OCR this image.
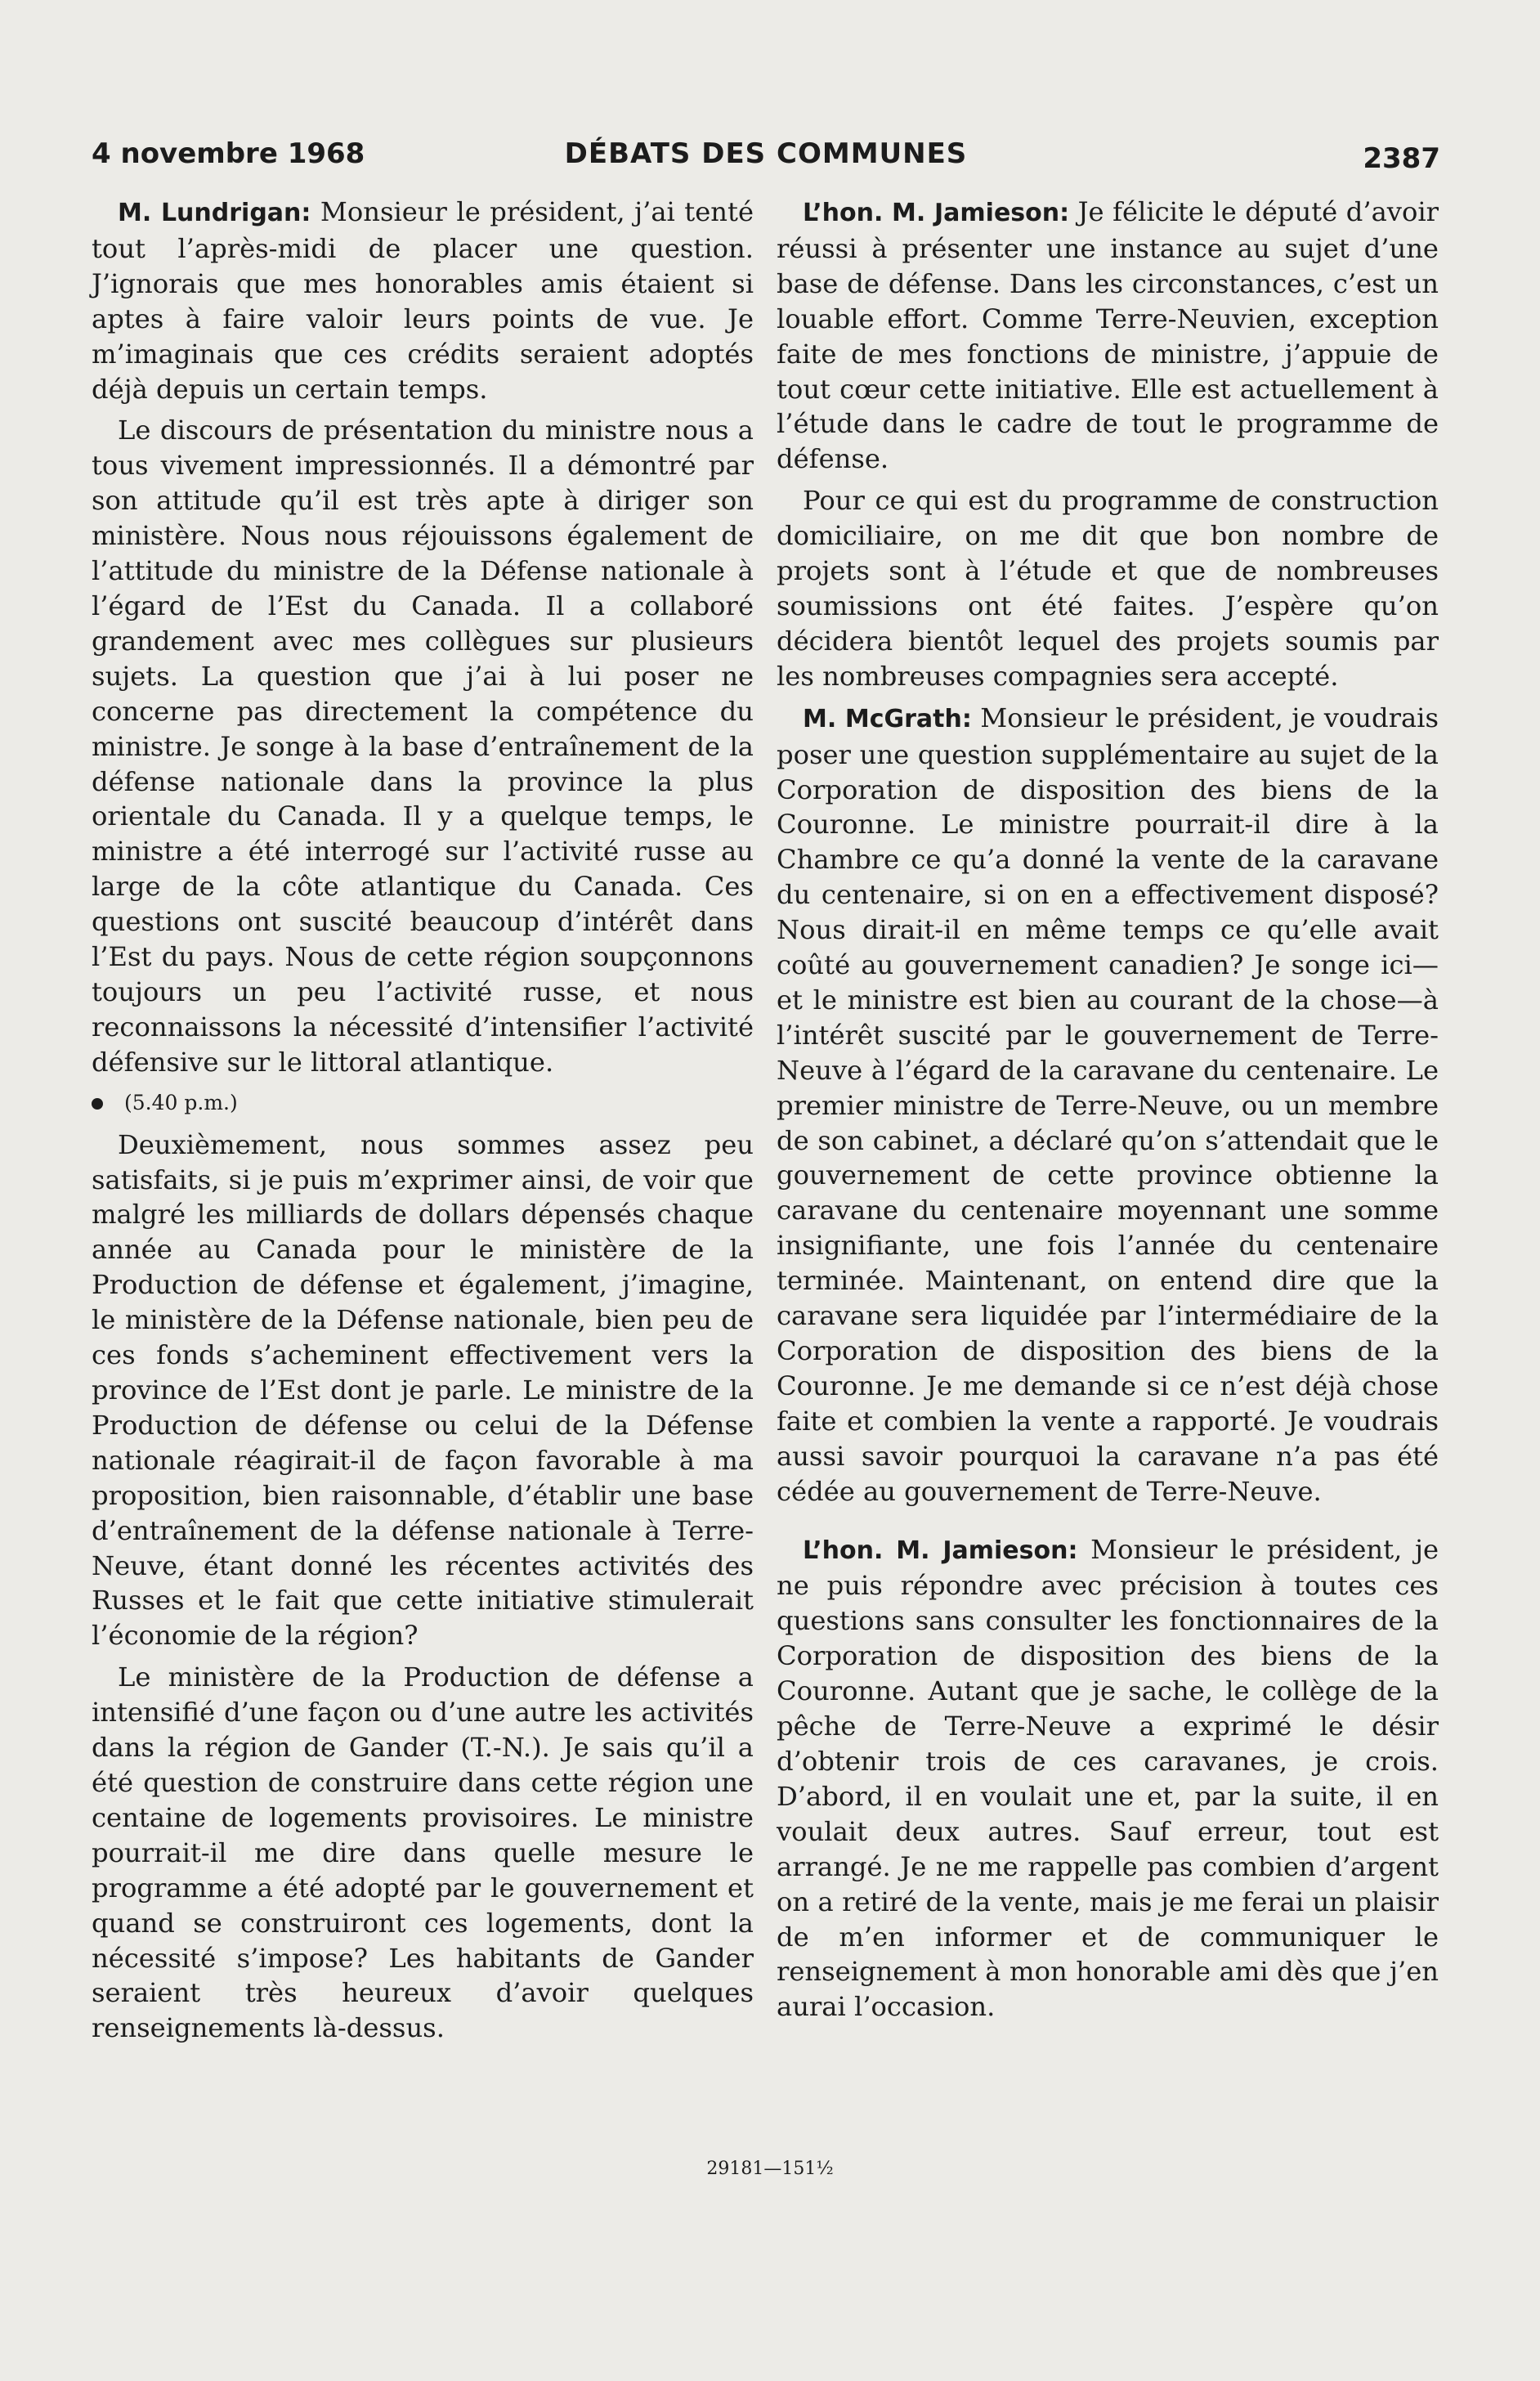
4 novembre 1968	DÉBATS DES COMMUNES	2387

M. Lundrigan: Monsieur le président, j’ai tenté tout l’après-midi de placer une question. J’ignorais que mes honorables amis étaient si aptes à faire valoir leurs points de vue. Je m’imaginais que ces crédits seraient adoptés déjà depuis un certain temps.

Le discours de présentation du ministre nous a tous vivement impressionnés. Il a démontré par son attitude qu’il est très apte à diriger son ministère. Nous nous réjouissons également de l’attitude du ministre de la Défense nationale à l’égard de l’Est du Canada. Il a collaboré grandement avec mes collègues sur plusieurs sujets. La question que j’ai à lui poser ne concerne pas directement la compétence du ministre. Je songe à la base d’entraînement de la défense nationale dans la province la plus orientale du Canada. Il y a quelque temps, le ministre a été interrogé sur l’activité russe au large de la côte atlantique du Canada. Ces questions ont suscité beaucoup d’intérêt dans l’Est du pays. Nous de cette région soupçonnons toujours un peu l’activité russe, et nous reconnaissons la nécessité d’intensifier l’activité défensive sur le littoral atlantique.

(5.40 p.m.)

Deuxièmement, nous sommes assez peu satisfaits, si je puis m’exprimer ainsi, de voir que malgré les milliards de dollars dépensés chaque année au Canada pour le ministère de la Production de défense et également, j’imagine, le ministère de la Défense nationale, bien peu de ces fonds s’acheminent effectivement vers la province de l’Est dont je parle. Le ministre de la Production de défense ou celui de la Défense nationale réagirait-il de façon favorable à ma proposition, bien raisonnable, d’établir une base d’entraînement de la défense nationale à Terre-Neuve, étant donné les récentes activités des Russes et le fait que cette initiative stimulerait l’économie de la région?

Le ministère de la Production de défense a intensifié d’une façon ou d’une autre les activités dans la région de Gander (T.-N.). Je sais qu’il a été question de construire dans cette région une centaine de logements provisoires. Le ministre pourrait-il me dire dans quelle mesure le programme a été adopté par le gouvernement et quand se construiront ces logements, dont la nécessité s’impose? Les habitants de Gander seraient très heureux d’avoir quelques renseignements là-dessus.

L’hon. M. Jamieson: Je félicite le député d’avoir réussi à présenter une instance au sujet d’une base de défense. Dans les circonstances, c’est un louable effort. Comme Terre-Neuvien, exception faite de mes fonctions de ministre, j’appuie de tout cœur cette initiative. Elle est actuellement à l’étude dans le cadre de tout le programme de défense.

Pour ce qui est du programme de construction domiciliaire, on me dit que bon nombre de projets sont à l’étude et que de nombreuses soumissions ont été faites. J’espère qu’on décidera bientôt lequel des projets soumis par les nombreuses compagnies sera accepté.

M. McGrath: Monsieur le président, je voudrais poser une question supplémentaire au sujet de la Corporation de disposition des biens de la Couronne. Le ministre pourrait-il dire à la Chambre ce qu’a donné la vente de la caravane du centenaire, si on en a effectivement disposé? Nous dirait-il en même temps ce qu’elle avait coûté au gouvernement canadien? Je songe ici—et le ministre est bien au courant de la chose—à l’intérêt suscité par le gouvernement de Terre-Neuve à l’égard de la caravane du centenaire. Le premier ministre de Terre-Neuve, ou un membre de son cabinet, a déclaré qu’on s’attendait que le gouvernement de cette province obtienne la caravane du centenaire moyennant une somme insignifiante, une fois l’année du centenaire terminée. Maintenant, on entend dire que la caravane sera liquidée par l’intermédiaire de la Corporation de disposition des biens de la Couronne. Je me demande si ce n’est déjà chose faite et combien la vente a rapporté. Je voudrais aussi savoir pourquoi la caravane n’a pas été cédée au gouvernement de Terre-Neuve.

L’hon. M. Jamieson: Monsieur le président, je ne puis répondre avec précision à toutes ces questions sans consulter les fonctionnaires de la Corporation de disposition des biens de la Couronne. Autant que je sache, le collège de la pêche de Terre-Neuve a exprimé le désir d’obtenir trois de ces caravanes, je crois. D’abord, il en voulait une et, par la suite, il en voulait deux autres. Sauf erreur, tout est arrangé. Je ne me rappelle pas combien d’argent on a retiré de la vente, mais je me ferai un plaisir de m’en informer et de communiquer le renseignement à mon honorable ami dès que j’en aurai l’occasion.

29181—151½
